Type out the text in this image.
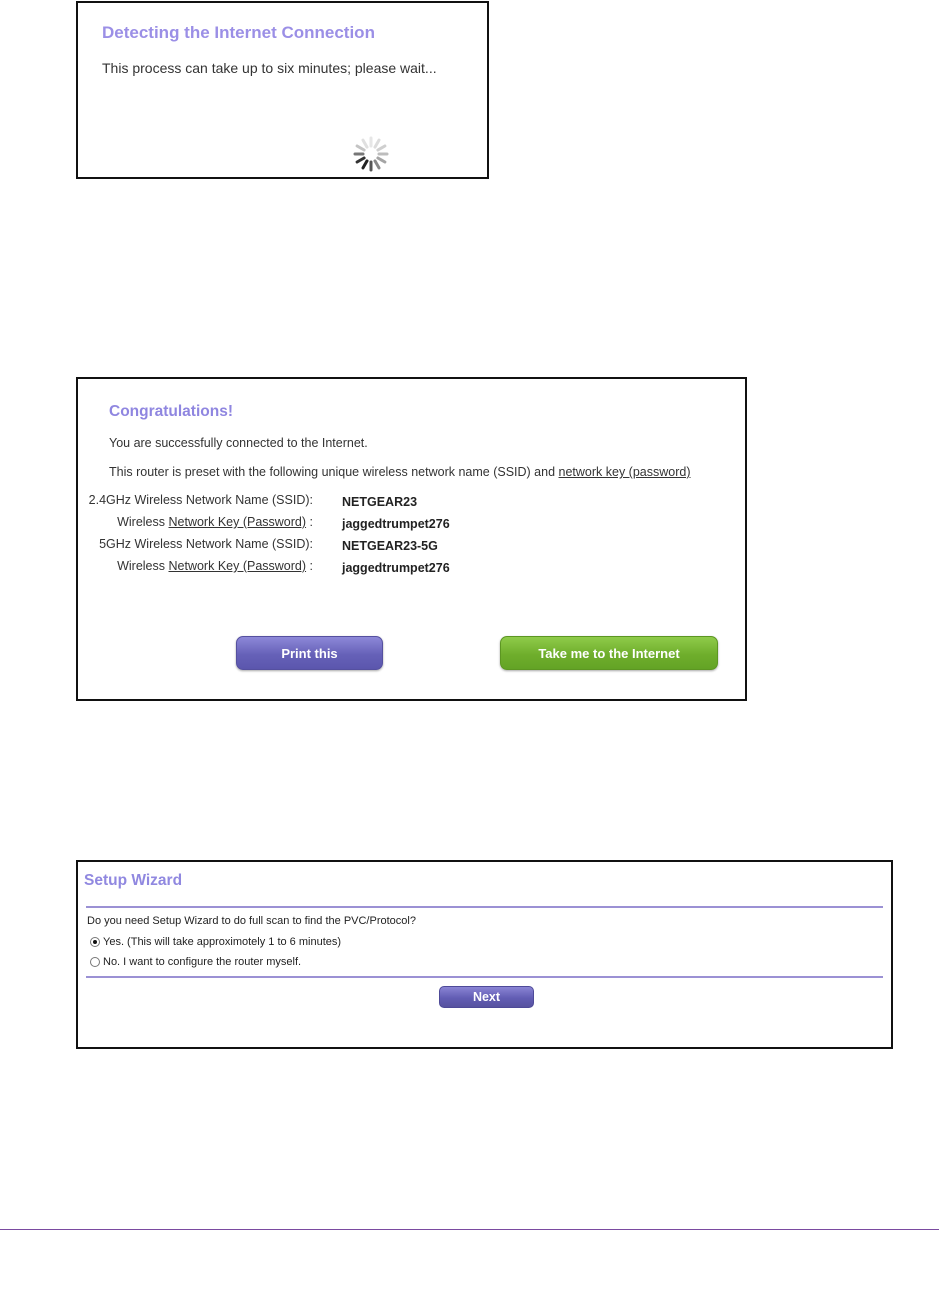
Detecting the Internet Connection
This process can take up to six minutes; please wait...
Congratulations!
You are successfully connected to the Internet.
This router is preset with the following unique wireless network name (SSID) and network key (password)
2.4GHz Wireless Network Name (SSID): NETGEAR23
Wireless Network Key (Password) : jaggedtrumpet276
5GHz Wireless Network Name (SSID): NETGEAR23-5G
Wireless Network Key (Password) : jaggedtrumpet276
Print this	Take me to the Internet
Setup Wizard
Do you need Setup Wizard to do full scan to find the PVC/Protocol?
Yes. (This will take approximotely 1 to 6 minutes)
No. I want to configure the router myself.
Next
